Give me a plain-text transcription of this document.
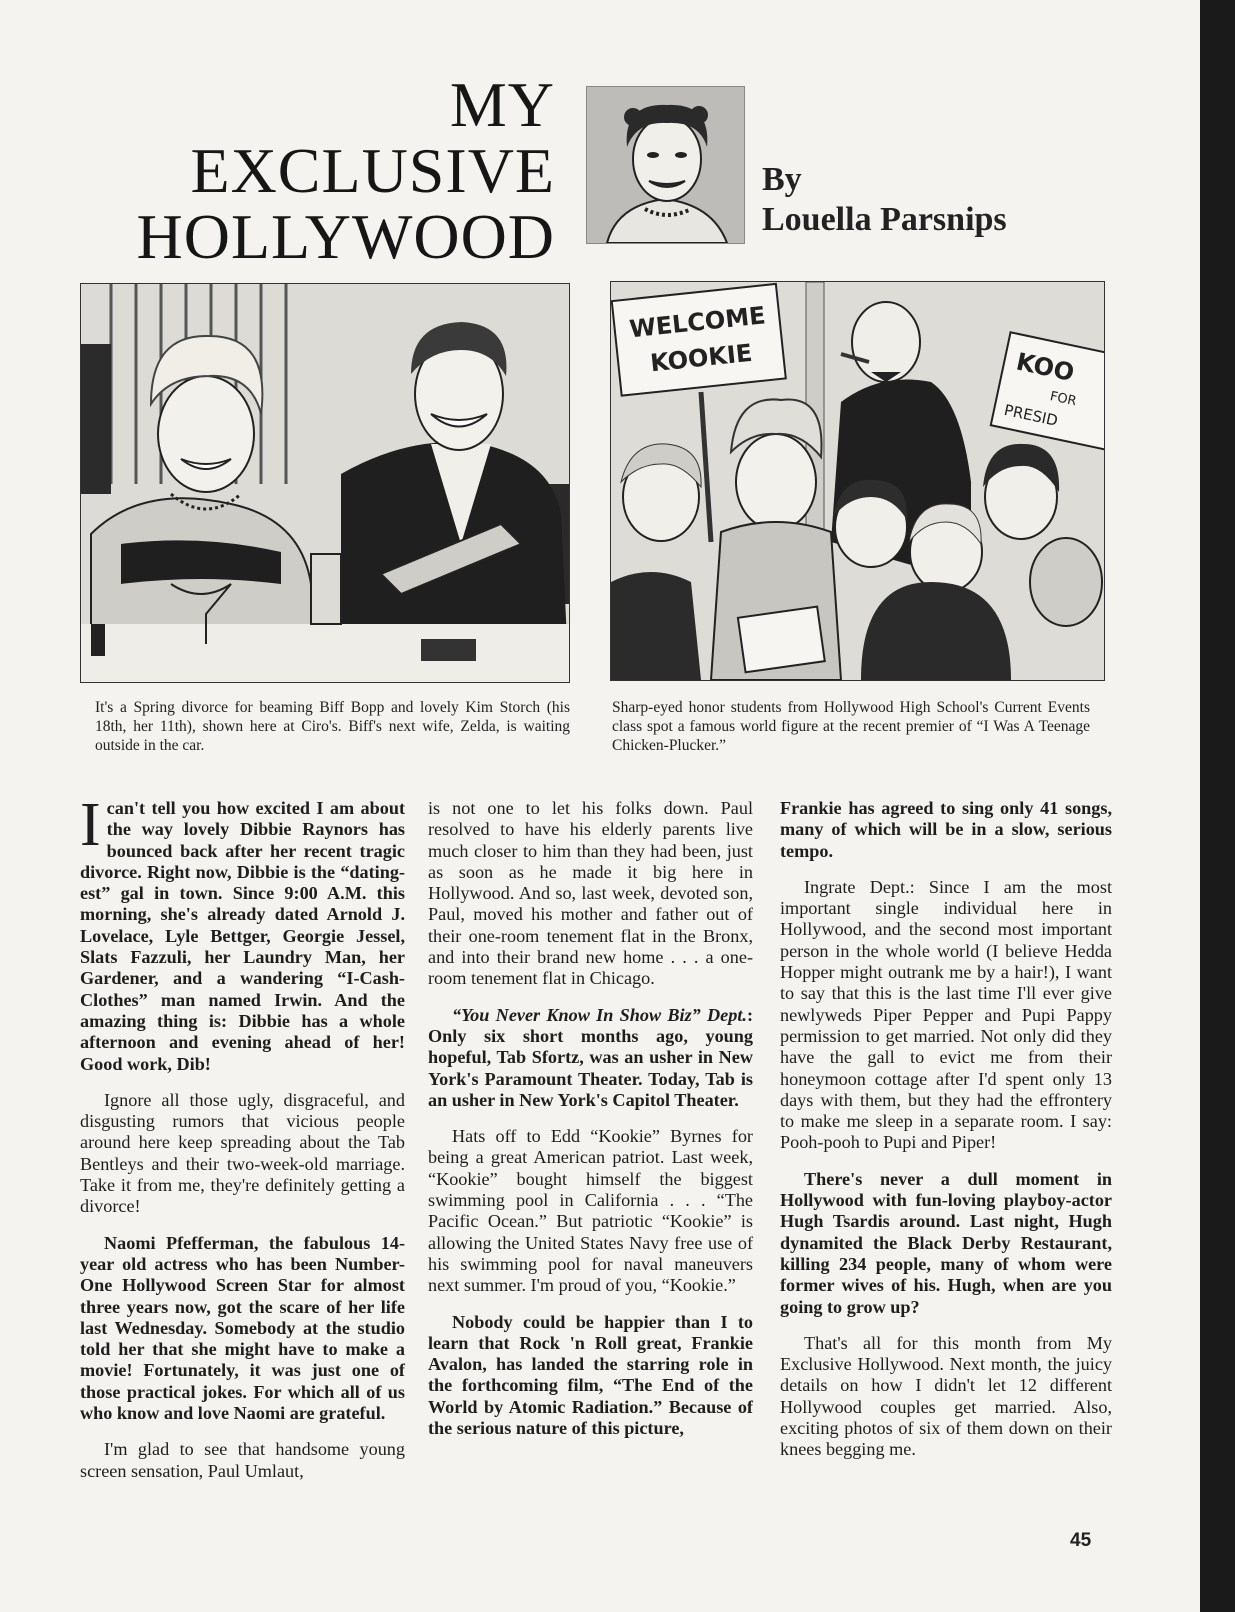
MY
EXCLUSIVE
HOLLYWOOD
By
Louella Parsnips
WELCOME
KOOKIE	KOO
FOR
PRESID
It's a Spring divorce for beaming Biff Bopp and lovely Kim Storch (his 18th, her 11th), shown here at Ciro's. Biff's next wife, Zelda, is waiting outside in the car.
Sharp-eyed honor students from Hollywood High School's Current Events class spot a famous world figure at the recent premier of “I Was A Teenage Chicken-Plucker.”

Ican't tell you how excited I am about the way lovely Dibbie Raynors has bounced back after her recent tragic divorce. Right now, Dibbie is the “dating-est” gal in town. Since 9:00 A.M. this morning, she's already dated Arnold J. Lovelace, Lyle Bettger, Georgie Jessel, Slats Fazzuli, her Laundry Man, her Gardener, and a wandering “I-Cash-Clothes” man named Irwin. And the amazing thing is: Dibbie has a whole afternoon and evening ahead of her! Good work, Dib!

Ignore all those ugly, disgraceful, and disgusting rumors that vicious people around here keep spreading about the Tab Bentleys and their two-week-old marriage. Take it from me, they're definitely getting a divorce!

Naomi Pfefferman, the fabulous 14-year old actress who has been Number-One Hollywood Screen Star for almost three years now, got the scare of her life last Wednesday. Somebody at the studio told her that she might have to make a movie! Fortunately, it was just one of those practical jokes. For which all of us who know and love Naomi are grateful.

I'm glad to see that handsome young screen sensation, Paul Umlaut,

is not one to let his folks down. Paul resolved to have his elderly parents live much closer to him than they had been, just as soon as he made it big here in Hollywood. And so, last week, devoted son, Paul, moved his mother and father out of their one-room tenement flat in the Bronx, and into their brand new home . . . a one-room tenement flat in Chicago.

“You Never Know In Show Biz” Dept.: Only six short months ago, young hopeful, Tab Sfortz, was an usher in New York's Paramount Theater. Today, Tab is an usher in New York's Capitol Theater.

Hats off to Edd “Kookie” Byrnes for being a great American patriot. Last week, “Kookie” bought himself the biggest swimming pool in California . . . “The Pacific Ocean.” But patriotic “Kookie” is allowing the United States Navy free use of his swimming pool for naval maneuvers next summer. I'm proud of you, “Kookie.”

Nobody could be happier than I to learn that Rock 'n Roll great, Frankie Avalon, has landed the starring role in the forthcoming film, “The End of the World by Atomic Radiation.” Because of the serious nature of this picture,

Frankie has agreed to sing only 41 songs, many of which will be in a slow, serious tempo.

Ingrate Dept.: Since I am the most important single individual here in Hollywood, and the second most important person in the whole world (I believe Hedda Hopper might outrank me by a hair!), I want to say that this is the last time I'll ever give newlyweds Piper Pepper and Pupi Pappy permission to get married. Not only did they have the gall to evict me from their honeymoon cottage after I'd spent only 13 days with them, but they had the effrontery to make me sleep in a separate room. I say: Pooh-pooh to Pupi and Piper!

There's never a dull moment in Hollywood with fun-loving playboy-actor Hugh Tsardis around. Last night, Hugh dynamited the Black Derby Restaurant, killing 234 people, many of whom were former wives of his. Hugh, when are you going to grow up?

That's all for this month from My Exclusive Hollywood. Next month, the juicy details on how I didn't let 12 different Hollywood couples get married. Also, exciting photos of six of them down on their knees begging me.

45
